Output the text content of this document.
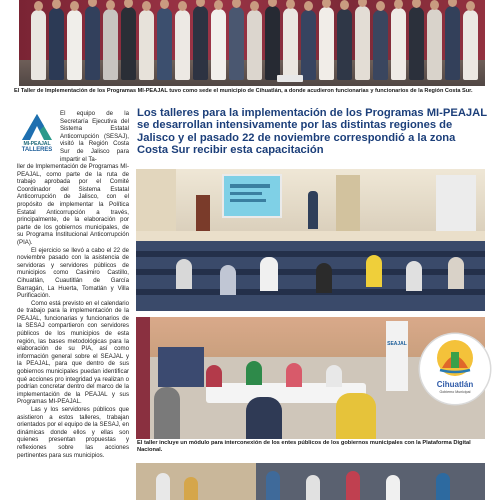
El Taller de Implementación de los Programas MI-PEAJAL tuvo como sede el municipio de Cihuatlán, a donde acudieron funcionarias y funcionarios de la Región Costa Sur.
MI-PEAJAL
TALLERES

El equipo de la Secretaría Ejecutiva del Sistema Estatal Anticorrupción (SESAJ), visitó la Región Costa Sur de Jalisco para impartir el Ta-

ller de Implementación de Programas MI-PEAJAL, como parte de la ruta de trabajo aprobada por el Comité Coordinador del Sistema Estatal Anticorrupción de Jalisco, con el propósito de implementar la Política Estatal Anticorrupción a través, principalmente, de la elaboración por parte de los gobiernos municipales, de su Programa Institucional Anticorrupción (PIA).

El ejercicio se llevó a cabo el 22 de noviembre pasado con la asistencia de servidoras y servidores públicos de municipios como Casimiro Castillo, Cihuatlán, Cuautitlán de García Barragán, La Huerta, Tomatlán y Villa Purificación.

Como está previsto en el calendario de trabajo para la implementación de la PEAJAL, funcionarias y funcionarios de la SESAJ compartieron con servidores públicos de los municipios de esta región, las bases metodológicas para la elaboración de su PIA, así como información general sobre el SEAJAL y la PEAJAL, para que dentro de sus gobiernos municipales puedan identificar qué acciones pro integridad ya realizan o podrían concretar dentro del marco de la implementación de la PEAJAL y sus Programas MI-PEAJAL.

Las y los servidores públicos que asistieron a estos talleres, trabajan orientados por el equipo de la SESAJ, en dinámicas donde ellos y ellas son quienes presentan propuestas y reflexiones sobre las acciones pertinentes para sus municipios.

Los talleres para la implementación de los Programas MI-PEAJAL se desarrollan intensivamente por las distintas regiones de Jalisco y el pasado 22 de noviembre correspondió a la zona Costa Sur recibir esta capacitación
SEAJAL
Cihuatlán
Gobierno Municipal
El taller incluye un módulo para interconexión de los entes públicos de los gobiernos municipales con la Plataforma Digital Nacional.
